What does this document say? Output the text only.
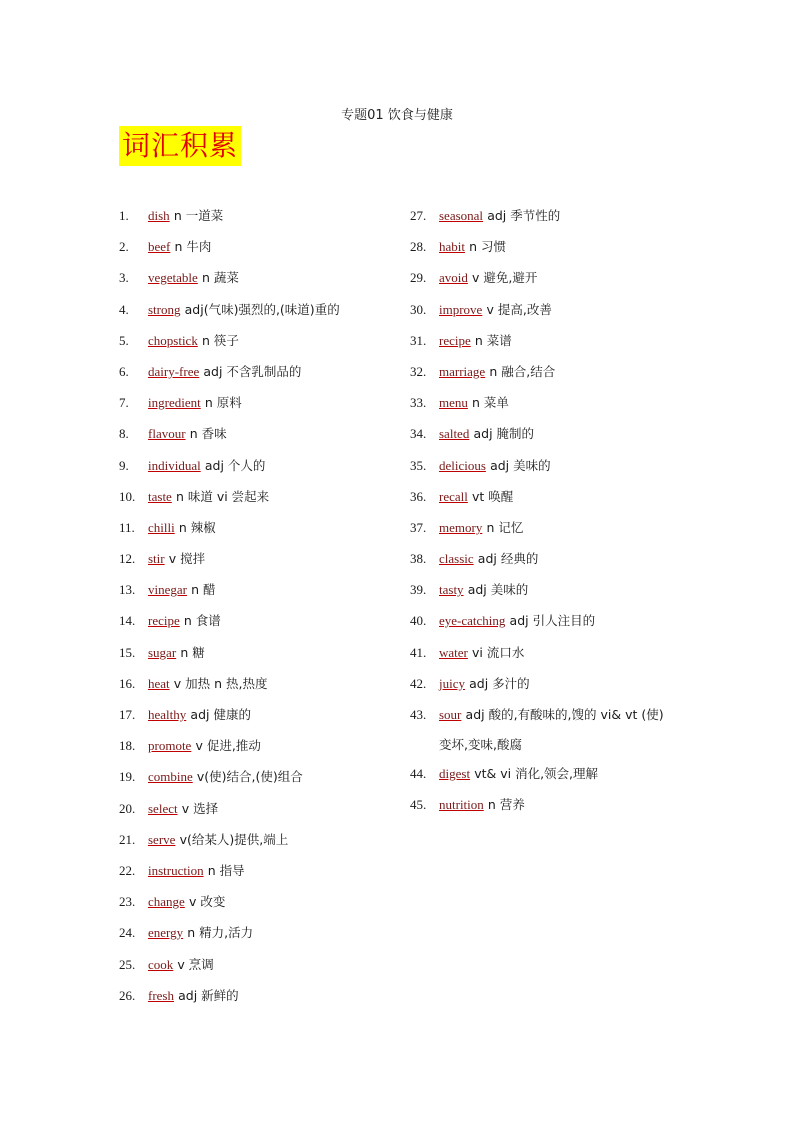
专题01 饮食与健康
词汇积累
1. dish n 一道菜
2. beef n 牛肉
3. vegetable n 蔬菜
4. strong adj(气味)强烈的,(味道)重的
5. chopstick n 筷子
6. dairy-free adj 不含乳制品的
7. ingredient n 原料
8. flavour n 香味
9. individual adj 个人的
10. taste n 味道 vi 尝起来
11. chilli n 辣椒
12. stir v 搅拌
13. vinegar n 醋
14. recipe n 食谱
15. sugar n 糖
16. heat v 加热 n 热,热度
17. healthy adj 健康的
18. promote v 促进,推动
19. combine v(使)结合,(使)组合
20. select v 选择
21. serve v(给某人)提供,端上
22. instruction n 指导
23. change v 改变
24. energy n 精力,活力
25. cook v 烹调
26. fresh adj 新鲜的
27. seasonal adj 季节性的
28. habit n 习惯
29. avoid v 避免,避开
30. improve v 提高,改善
31. recipe n 菜谱
32. marriage n 融合,结合
33. menu n 菜单
34. salted adj 腌制的
35. delicious adj 美味的
36. recall vt 唤醒
37. memory n 记忆
38. classic adj 经典的
39. tasty adj 美味的
40. eye-catching adj 引人注目的
41. water vi 流口水
42. juicy adj 多汁的
43. sour adj 酸的,有酸味的,馊的 vi& vt (使)
变坏,变味,酸腐
44. digest vt& vi 消化,领会,理解
45. nutrition n 营养
